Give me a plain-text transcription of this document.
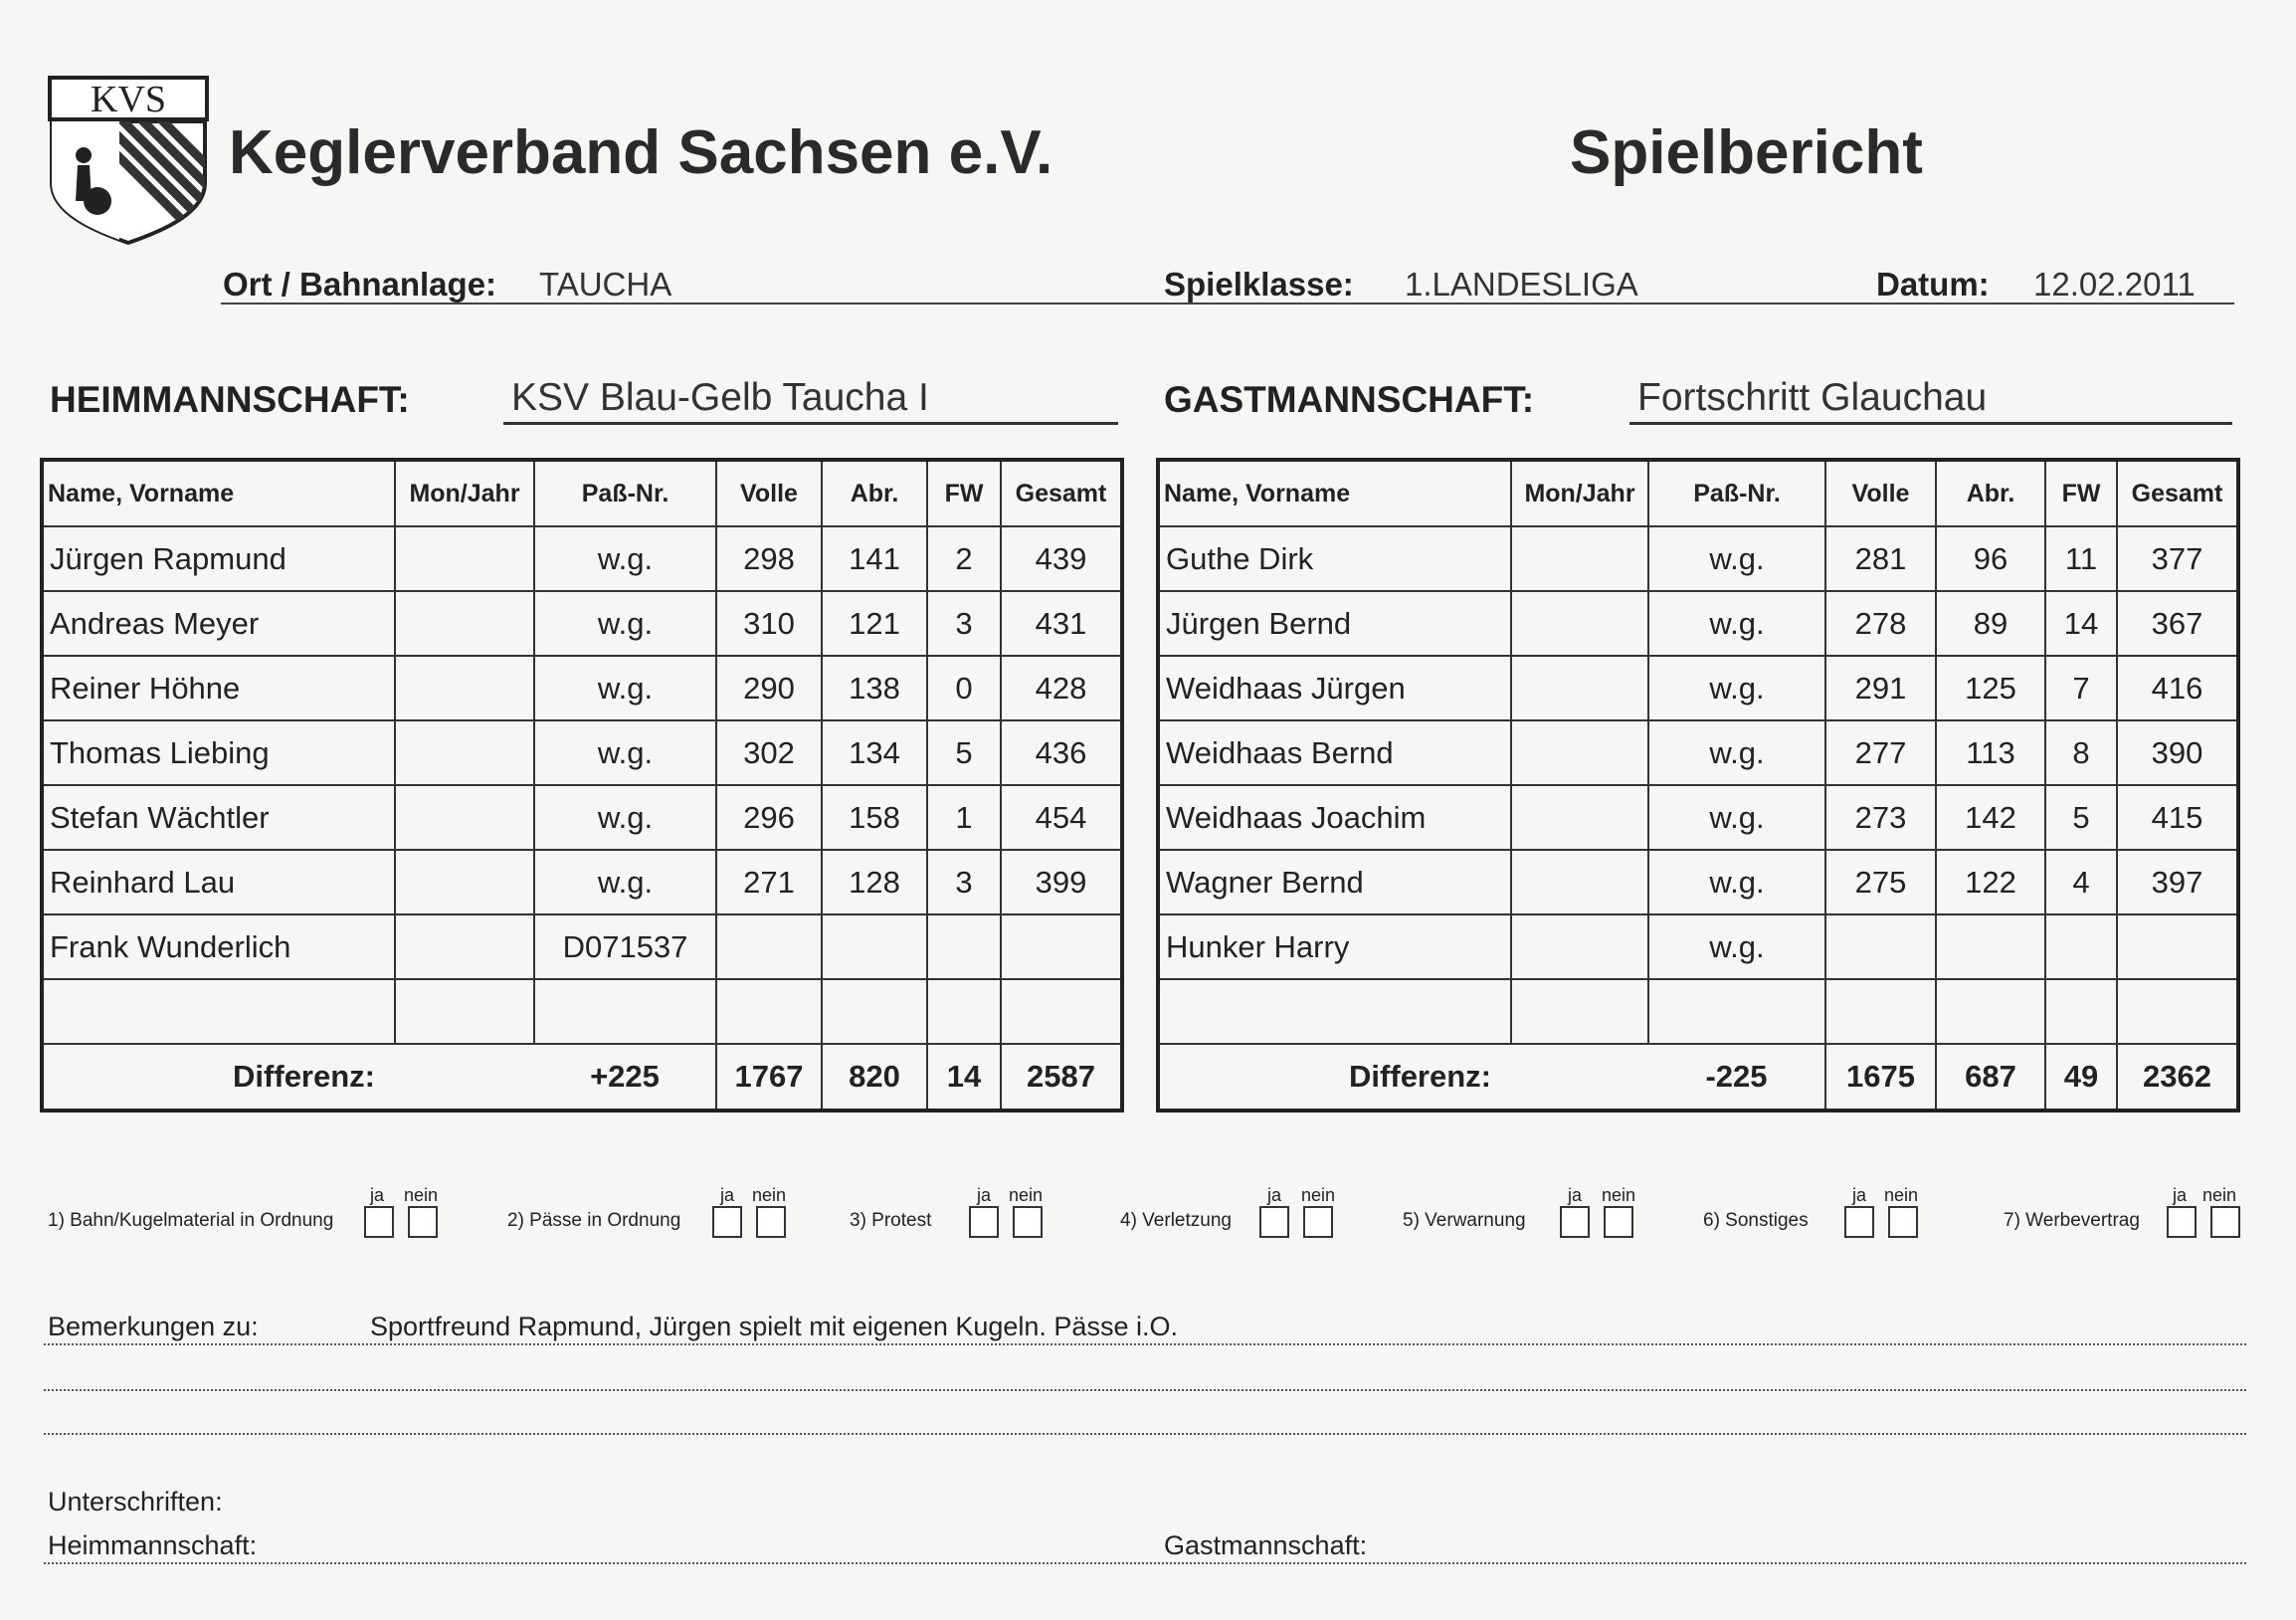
KVS
Keglerverband Sachsen e.V.	Spielbericht
Ort / Bahnanlage: TAUCHA	Spielklasse: 1.LANDESLIGA	Datum: 12.02.2011
HEIMMANNSCHAFT:	KSV Blau-Gelb Taucha I	GASTMANNSCHAFT:	Fortschritt Glauchau
Name, Vorname	Mon/Jahr	Paß-Nr.	Volle	Abr.	FW	Gesamt
Jürgen Rapmund		w.g.	298	141	2	439
Andreas Meyer		w.g.	310	121	3	431
Reiner Höhne		w.g.	290	138	0	428
Thomas Liebing		w.g.	302	134	5	436
Stefan Wächtler		w.g.	296	158	1	454
Reinhard Lau		w.g.	271	128	3	399
Frank Wunderlich		D071537				

Differenz:		+225	1767	820	14	2587
Name, Vorname	Mon/Jahr	Paß-Nr.	Volle	Abr.	FW	Gesamt
Guthe Dirk		w.g.	281	96	11	377
Jürgen Bernd		w.g.	278	89	14	367
Weidhaas Jürgen		w.g.	291	125	7	416
Weidhaas Bernd		w.g.	277	113	8	390
Weidhaas Joachim		w.g.	273	142	5	415
Wagner Bernd		w.g.	275	122	4	397
Hunker Harry		w.g.				

Differenz:		-225	1675	687	49	2362
1) Bahn/Kugelmaterial in Ordnung
ja nein
2) Pässe in Ordnung
ja nein
3) Protest
ja nein
4) Verletzung
ja nein
5) Verwarnung
ja nein
6) Sonstiges
ja nein
7) Werbevertrag
ja nein
Bemerkungen zu:	Sportfreund Rapmund, Jürgen spielt mit eigenen Kugeln. Pässe i.O.
Unterschriften:
Heimmannschaft:	Gastmannschaft:
